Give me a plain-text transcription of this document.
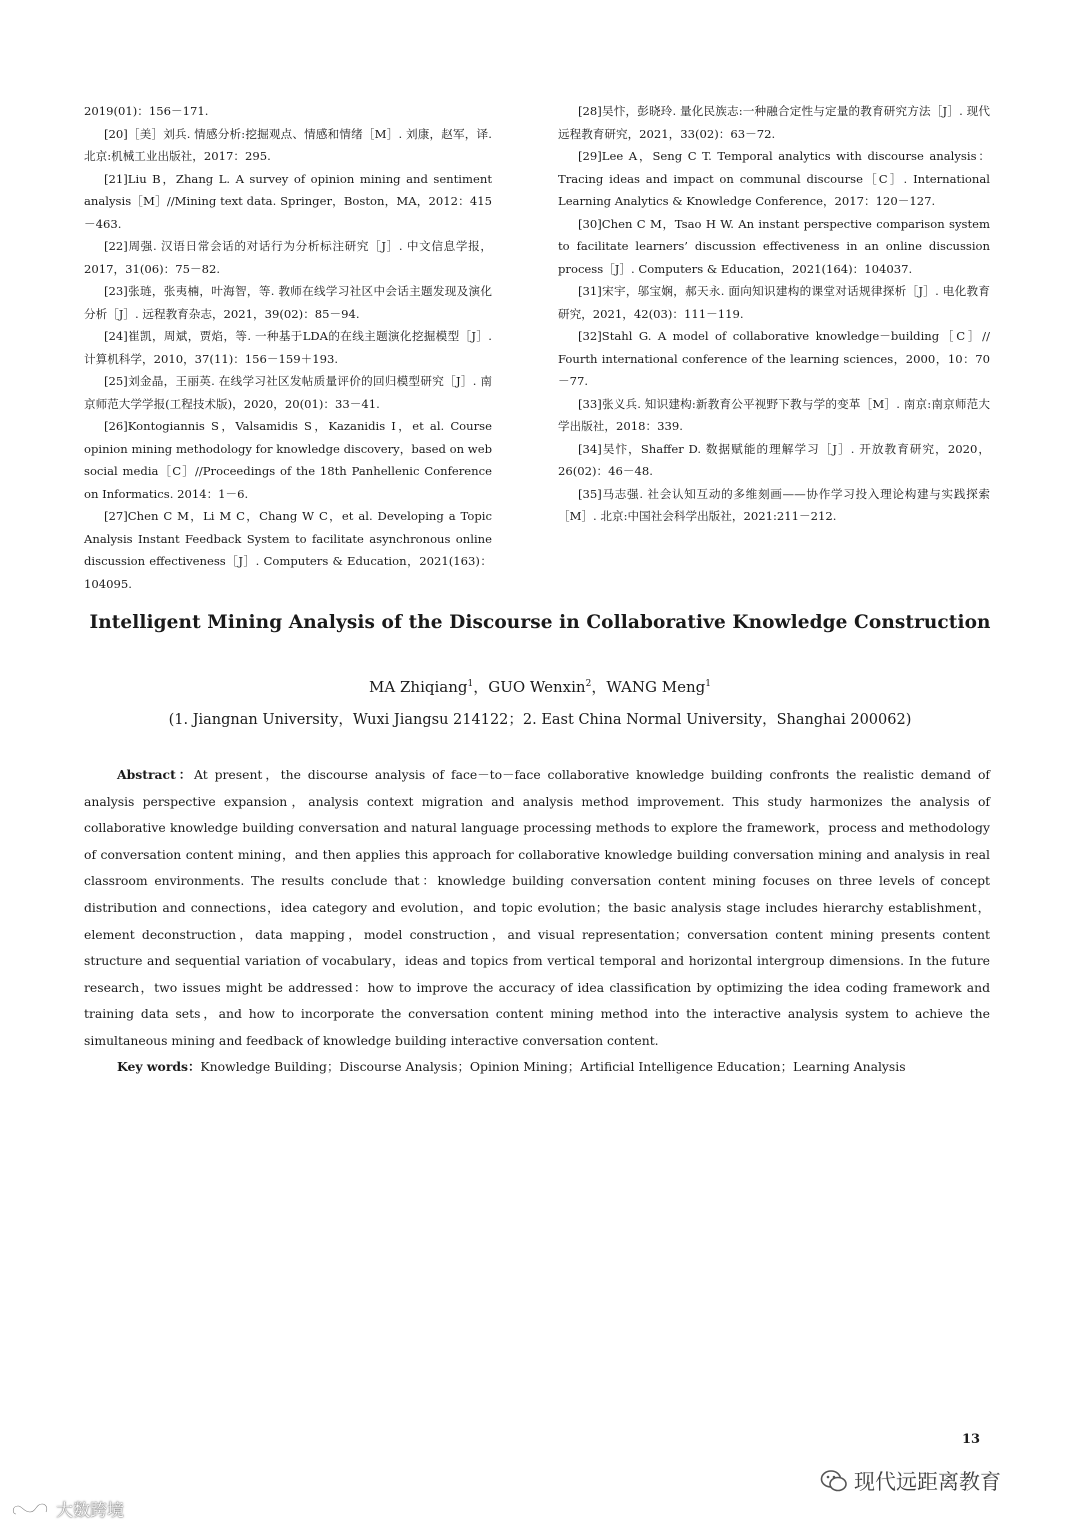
2019(01)：156－171.

[20]［美］刘兵. 情感分析:挖掘观点、情感和情绪［M］. 刘康，赵军，译. 北京:机械工业出版社，2017：295.

[21]Liu B，Zhang L. A survey of opinion mining and sentiment analysis［M］//Mining text data. Springer，Boston，MA，2012：415－463.

[22]周强. 汉语日常会话的对话行为分析标注研究［J］. 中文信息学报，2017，31(06)：75－82.

[23]张琏，张夷楠，叶海智，等. 教师在线学习社区中会话主题发现及演化分析［J］. 远程教育杂志，2021，39(02)：85－94.

[24]崔凯，周斌，贾焰，等. 一种基于LDA的在线主题演化挖掘模型［J］. 计算机科学，2010，37(11)：156－159＋193.

[25]刘金晶，王丽英. 在线学习社区发帖质量评价的回归模型研究［J］. 南京师范大学学报(工程技术版)，2020，20(01)：33－41.

[26]Kontogiannis S，Valsamidis S，Kazanidis I，et al. Course opinion mining methodology for knowledge discovery，based on web social media［C］//Proceedings of the 18th Panhellenic Conference on Informatics. 2014：1－6.

[27]Chen C M，Li M C，Chang W C，et al. Developing a Topic Analysis Instant Feedback System to facilitate asynchronous online discussion effectiveness［J］. Computers & Education，2021(163)：104095.

[28]吴忭，彭晓玲. 量化民族志:一种融合定性与定量的教育研究方法［J］. 现代远程教育研究，2021，33(02)：63－72.

[29]Lee A，Seng C T. Temporal analytics with discourse analysis：Tracing ideas and impact on communal discourse［C］. International Learning Analytics & Knowledge Conference，2017：120－127.

[30]Chen C M，Tsao H W. An instant perspective comparison system to facilitate learners’ discussion effectiveness in an online discussion process［J］. Computers & Education，2021(164)：104037.

[31]宋宇，邬宝娴，郝天永. 面向知识建构的课堂对话规律探析［J］. 电化教育研究，2021，42(03)：111－119.

[32]Stahl G. A model of collaborative knowledge－building［C］// Fourth international conference of the learning sciences，2000，10：70－77.

[33]张义兵. 知识建构:新教育公平视野下教与学的变革［M］. 南京:南京师范大学出版社，2018：339.

[34]吴忭，Shaffer D. 数据赋能的理解学习［J］. 开放教育研究，2020，26(02)：46－48.

[35]马志强. 社会认知互动的多维刻画——协作学习投入理论构建与实践探索［M］. 北京:中国社会科学出版社，2021:211－212.

Intelligent Mining Analysis of the Discourse in Collaborative Knowledge Construction
MA Zhiqiang$^1$，GUO Wenxin$^2$，WANG Meng$^1$
(1. Jiangnan University，Wuxi Jiangsu 214122；2. East China Normal University，Shanghai 200062)

Abstract：At present，the discourse analysis of face－to－face collaborative knowledge building confronts the realistic demand of analysis perspective expansion，analysis context migration and analysis method improvement. This study harmonizes the analysis of collaborative knowledge building conversation and natural language processing methods to explore the framework，process and methodology of conversation content mining，and then applies this approach for collaborative knowledge building conversation mining and analysis in real classroom environments. The results conclude that：knowledge building conversation content mining focuses on three levels of concept distribution and connections，idea category and evolution，and topic evolution；the basic analysis stage includes hierarchy establishment，element deconstruction，data mapping，model construction，and visual representation；conversation content mining presents content structure and sequential variation of vocabulary，ideas and topics from vertical temporal and horizontal intergroup dimensions. In the future research，two issues might be addressed：how to improve the accuracy of idea classification by optimizing the idea coding framework and training data sets，and how to incorporate the conversation content mining method into the interactive analysis system to achieve the simultaneous mining and feedback of knowledge building interactive conversation content.

Key words：Knowledge Building；Discourse Analysis；Opinion Mining；Artificial Intelligence Education；Learning Analysis

13
现代远距离教育
大数跨境
